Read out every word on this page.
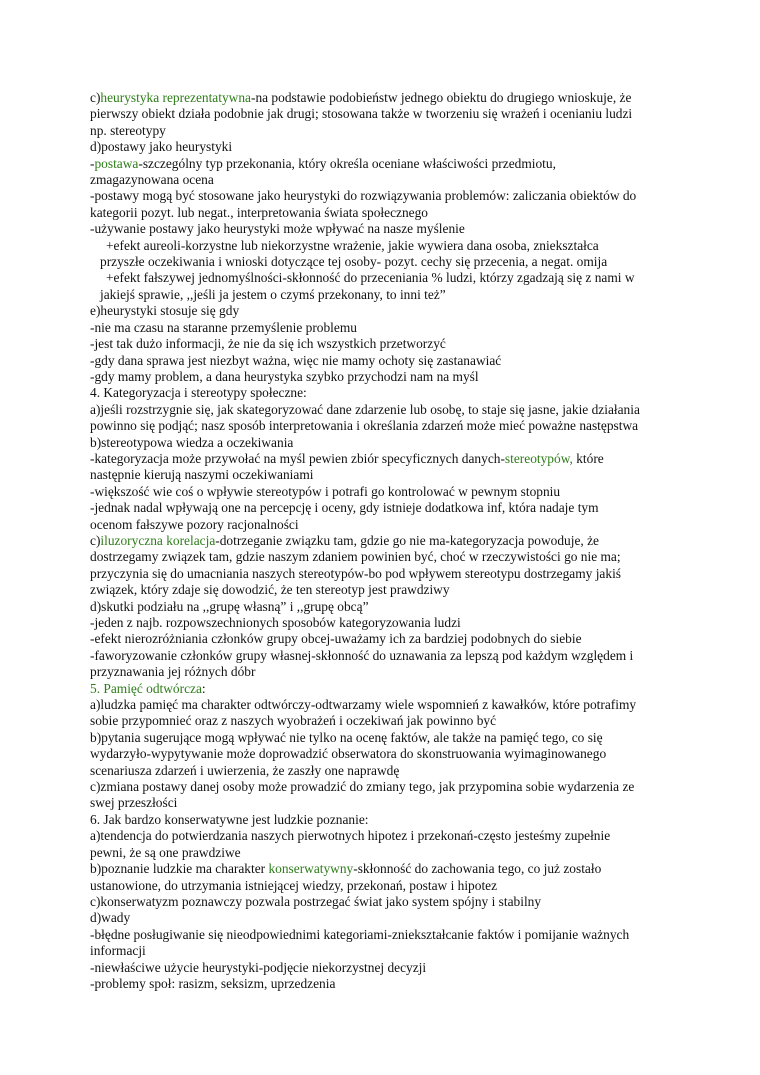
c)heurystyka reprezentatywna-na podstawie podobieństw jednego obiektu do drugiego wnioskuje, że
pierwszy obiekt działa podobnie jak drugi; stosowana także w tworzeniu się wrażeń i ocenianiu ludzi
np. stereotypy
d)postawy jako heurystyki
-postawa-szczególny typ przekonania, który określa oceniane właściwości przedmiotu,
zmagazynowana ocena
-postawy mogą być stosowane jako heurystyki do rozwiązywania problemów: zaliczania obiektów do
kategorii pozyt. lub negat., interpretowania świata społecznego
-używanie postawy jako heurystyki może wpływać na nasze myślenie
+efekt aureoli-korzystne lub niekorzystne wrażenie, jakie wywiera dana osoba, zniekształca
przyszłe oczekiwania i wnioski dotyczące tej osoby- pozyt. cechy się przecenia, a negat. omija
+efekt fałszywej jednomyślności-skłonność do przeceniania % ludzi, którzy zgadzają się z nami w
jakiejś sprawie, ,,jeśli ja jestem o czymś przekonany, to inni też”
e)heurystyki stosuje się gdy
-nie ma czasu na staranne przemyślenie problemu
-jest tak dużo informacji, że nie da się ich wszystkich przetworzyć
-gdy dana sprawa jest niezbyt ważna, więc nie mamy ochoty się zastanawiać
-gdy mamy problem, a dana heurystyka szybko przychodzi nam na myśl
4. Kategoryzacja i stereotypy społeczne:
a)jeśli rozstrzygnie się, jak skategoryzować dane zdarzenie lub osobę, to staje się jasne, jakie działania
powinno się podjąć; nasz sposób interpretowania i określania zdarzeń może mieć poważne następstwa
b)stereotypowa wiedza a oczekiwania
-kategoryzacja może przywołać na myśl pewien zbiór specyficznych danych-stereotypów, które
następnie kierują naszymi oczekiwaniami
-większość wie coś o wpływie stereotypów i potrafi go kontrolować w pewnym stopniu
-jednak nadal wpływają one na percepcję i oceny, gdy istnieje dodatkowa inf, która nadaje tym
ocenom fałszywe pozory racjonalności
c)iluzoryczna korelacja-dotrzeganie związku tam, gdzie go nie ma-kategoryzacja powoduje, że
dostrzegamy związek tam, gdzie naszym zdaniem powinien być, choć w rzeczywistości go nie ma;
przyczynia się do umacniania naszych stereotypów-bo pod wpływem stereotypu dostrzegamy jakiś
związek, który zdaje się dowodzić, że ten stereotyp jest prawdziwy
d)skutki podziału na ,,grupę własną” i ,,grupę obcą”
-jeden z najb. rozpowszechnionych sposobów kategoryzowania ludzi
-efekt nierozróżniania członków grupy obcej-uważamy ich za bardziej podobnych do siebie
-faworyzowanie członków grupy własnej-skłonność do uznawania za lepszą pod każdym względem i
przyznawania jej różnych dóbr
5. Pamięć odtwórcza:
a)ludzka pamięć ma charakter odtwórczy-odtwarzamy wiele wspomnień z kawałków, które potrafimy
sobie przypomnieć oraz z naszych wyobrażeń i oczekiwań jak powinno być
b)pytania sugerujące mogą wpływać nie tylko na ocenę faktów, ale także na pamięć tego, co się
wydarzyło-wypytywanie może doprowadzić obserwatora do skonstruowania wyimaginowanego
scenariusza zdarzeń i uwierzenia, że zaszły one naprawdę
c)zmiana postawy danej osoby może prowadzić do zmiany tego, jak przypomina sobie wydarzenia ze
swej przeszłości
6. Jak bardzo konserwatywne jest ludzkie poznanie:
a)tendencja do potwierdzania naszych pierwotnych hipotez i przekonań-często jesteśmy zupełnie
pewni, że są one prawdziwe
b)poznanie ludzkie ma charakter konserwatywny-skłonność do zachowania tego, co już zostało
ustanowione, do utrzymania istniejącej wiedzy, przekonań, postaw i hipotez
c)konserwatyzm poznawczy pozwala postrzegać świat jako system spójny i stabilny
d)wady
-błędne posługiwanie się nieodpowiednimi kategoriami-zniekształcanie faktów i pomijanie ważnych
informacji
-niewłaściwe użycie heurystyki-podjęcie niekorzystnej decyzji
-problemy społ: rasizm, seksizm, uprzedzenia
